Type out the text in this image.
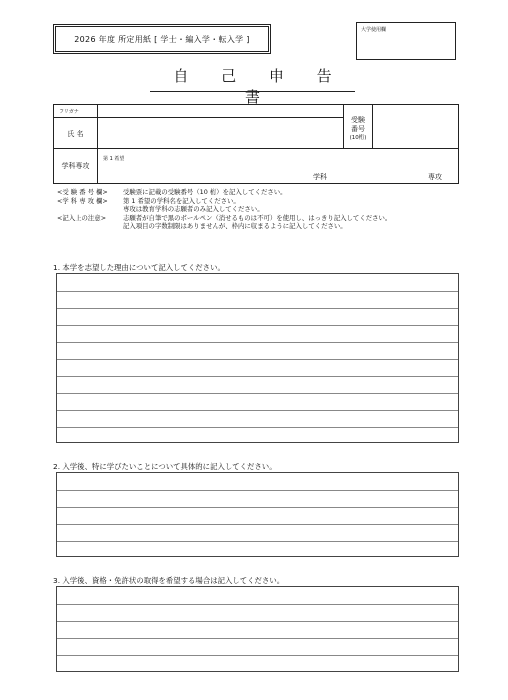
2026 年度 所定用紙 [ 学士・編入学・転入学 ]
大学使用欄
自 己 申 告 書
フリガナ
氏 名
受験
番号
(10桁)
学科専攻
第 1 希望
学科	専攻
<受 験 番 号 欄>	受験票に記載の受験番号（10 桁）を記入してください。
<学 科 専 攻 欄>	第 1 希望の学科名を記入してください。
専攻は教育学科の志願者のみ記入してください。
<記入上の注意>	志願者が自筆で黒のボールペン（消せるものは不可）を使用し、はっきり記入してください。
記入項目の字数制限はありませんが、枠内に収まるように記入してください。
1. 本学を志望した理由について記入してください。
2. 入学後、特に学びたいことについて具体的に記入してください。
3. 入学後、資格・免許状の取得を希望する場合は記入してください。
